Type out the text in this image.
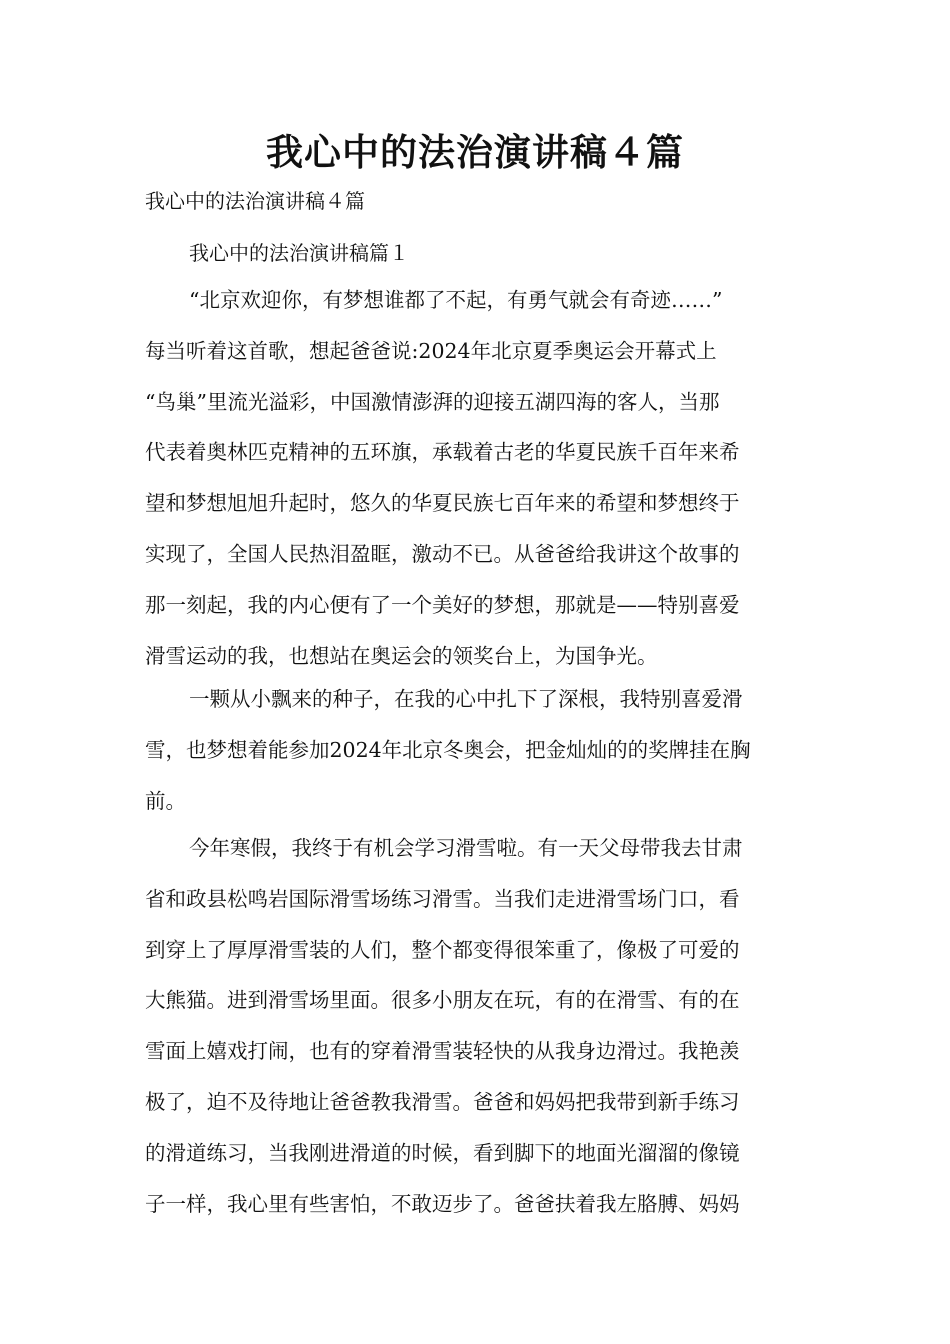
我心中的法治演讲稿４篇

我心中的法治演讲稿４篇

我心中的法治演讲稿篇１

“北京欢迎你，有梦想谁都了不起，有勇气就会有奇迹……”
每当听着这首歌，想起爸爸说:2024年北京夏季奥运会开幕式上
“鸟巢”里流光溢彩，中国激情澎湃的迎接五湖四海的客人，当那
代表着奥林匹克精神的五环旗，承载着古老的华夏民族千百年来希
望和梦想旭旭升起时，悠久的华夏民族七百年来的希望和梦想终于
实现了，全国人民热泪盈眶，激动不已。从爸爸给我讲这个故事的
那一刻起，我的内心便有了一个美好的梦想，那就是——特别喜爱
滑雪运动的我，也想站在奥运会的领奖台上，为国争光。
一颗从小飘来的种子，在我的心中扎下了深根，我特别喜爱滑
雪，也梦想着能参加2024年北京冬奥会，把金灿灿的的奖牌挂在胸
前。
今年寒假，我终于有机会学习滑雪啦。有一天父母带我去甘肃
省和政县松鸣岩国际滑雪场练习滑雪。当我们走进滑雪场门口，看
到穿上了厚厚滑雪装的人们，整个都变得很笨重了，像极了可爱的
大熊猫。进到滑雪场里面。很多小朋友在玩，有的在滑雪、有的在
雪面上嬉戏打闹，也有的穿着滑雪装轻快的从我身边滑过。我艳羡
极了，迫不及待地让爸爸教我滑雪。爸爸和妈妈把我带到新手练习
的滑道练习，当我刚进滑道的时候，看到脚下的地面光溜溜的像镜
子一样，我心里有些害怕，不敢迈步了。爸爸扶着我左胳膊、妈妈
